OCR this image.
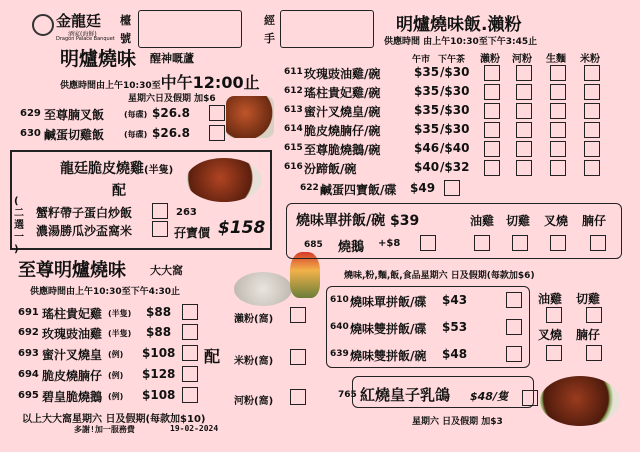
金龍廷
酒家(海鮮)
Dragon Palace Banquet
檯
號
經
手
明爐燒味 醒神嘅蘆
供應時間由上午10:30至中午12:00止
星期六日及假期 加$6
629 至尊腩叉飯 (每碟) $26.8
630 鹹蛋切雞飯 (每碟) $26.8
龍廷脆皮燒雞(半隻)
配
(
二
選
一
)
蟹籽帶子蛋白炒飯	263
濃湯勝瓜沙盃窩米	孖寶價 $158
至尊明爐燒味 大大窩
供應時間由上午10:30至下午4:30止
691 瑤柱貴妃雞 (半隻) $88
692 玫瑰豉油雞 (半隻) $88
693 蜜汁叉燒皇 (例) $108
694 脆皮燒腩仔 (例) $128
695 碧皇脆燒鵝 (例) $108
配
瀨粉(窩)
米粉(窩)
河粉(窩)
以上大大窩星期六 日及假期(每款加$10)
多謝!加一服務費	19-02-2024
明爐燒味飯.瀨粉
供應時間 由上午10:30至下午3:45止
午市 下午茶 瀨粉 河粉 生麵 米粉
611 玫瑰豉油雞/碗	$35 /$30
612 瑤柱貴妃雞/碗	$35 /$30
613 蜜汁叉燒皇/碗	$35 /$30
614 脆皮燒腩仔/碗	$35 /$30
615 至尊脆燒鵝/碗	$46 /$40
616 汾蹄飯/碗	$40 /$32
622 鹹蛋四寶飯/碟 $49
燒味單拼飯/碗 $39	油雞 切雞 叉燒 腩仔
685 燒鵝 +$8
燒味,粉,麵,飯,食品星期六 日及假期(每款加$6)
610 燒味單拼飯/碟 $43
640 燒味雙拼飯/碟 $53
639 燒味雙拼飯/碗 $48
油雞 切雞
叉燒 腩仔
765 紅燒皇子乳鴿 $48/隻
星期六 日及假期 加$3
